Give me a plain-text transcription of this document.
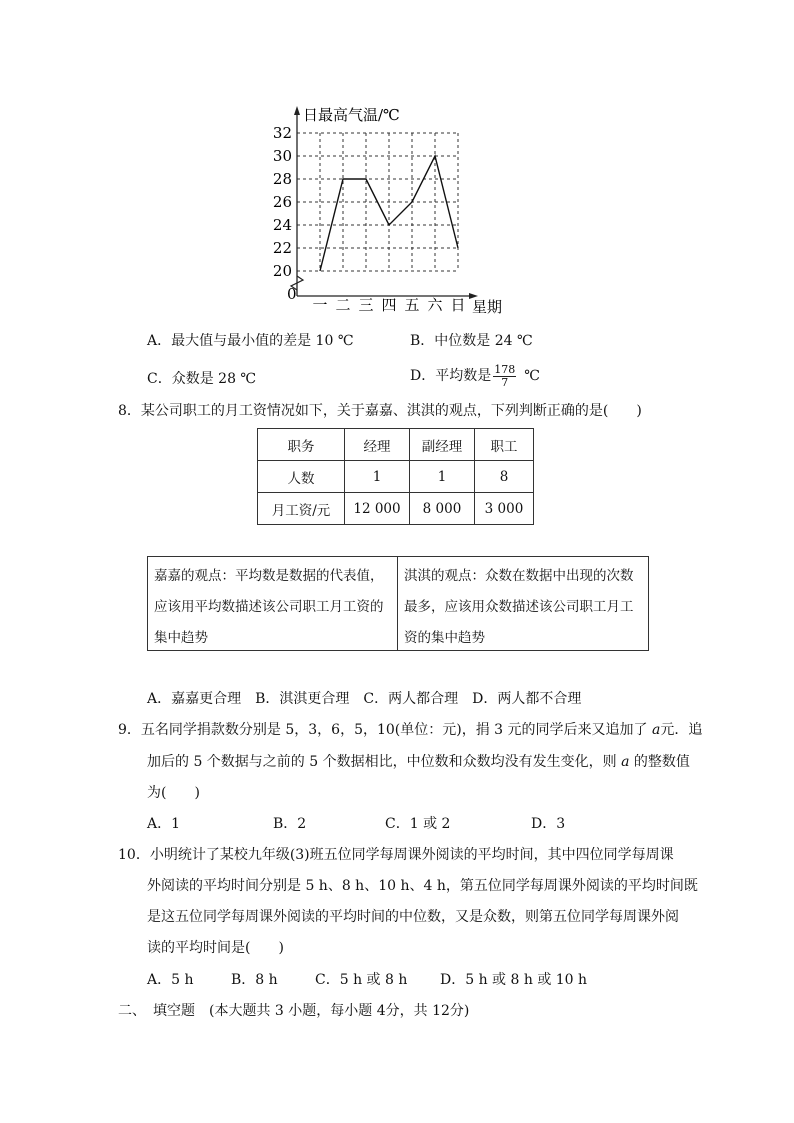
32
30
28
26
24
22
20
一 二 三 四 五 六 日
日最高气温/℃
星期
0
A．最大值与最小值的差是 10 ℃	B．中位数是 24 ℃
C．众数是 28 ℃	D．平均数是 $\frac{178}{7}$ ℃
8．某公司职工的月工资情况如下，关于嘉嘉、淇淇的观点，下列判断正确的是(　　)
职务	经理	副经理	职工
人数	1	1	8
月工资/元	12 000	8 000	3 000
嘉嘉的观点：平均数是数据的代表值，应该用平均数描述该公司职工月工资的集中趋势
淇淇的观点：众数在数据中出现的次数最多，应该用众数描述该公司职工月工资的集中趋势
A．嘉嘉更合理　B．淇淇更合理　C．两人都合理　D．两人都不合理
9．五名同学捐款数分别是 5，3，6，5，10(单位：元)，捐 3 元的同学后来又追加了 a元．追
加后的 5 个数据与之前的 5 个数据相比，中位数和众数均没有发生变化，则 a 的整数值
为(　　)
A．1	B．2	C．1 或 2	D．3
10．小明统计了某校九年级(3)班五位同学每周课外阅读的平均时间，其中四位同学每周课
外阅读的平均时间分别是 5 h、8 h、10 h、4 h，第五位同学每周课外阅读的平均时间既
是这五位同学每周课外阅读的平均时间的中位数，又是众数，则第五位同学每周课外阅
读的平均时间是(　　)
A．5 h	B．8 h	C．5 h 或 8 h D．5 h 或 8 h 或 10 h
二、　填空题　(本大题共 3 小题，每小题 4分，共 12分)
